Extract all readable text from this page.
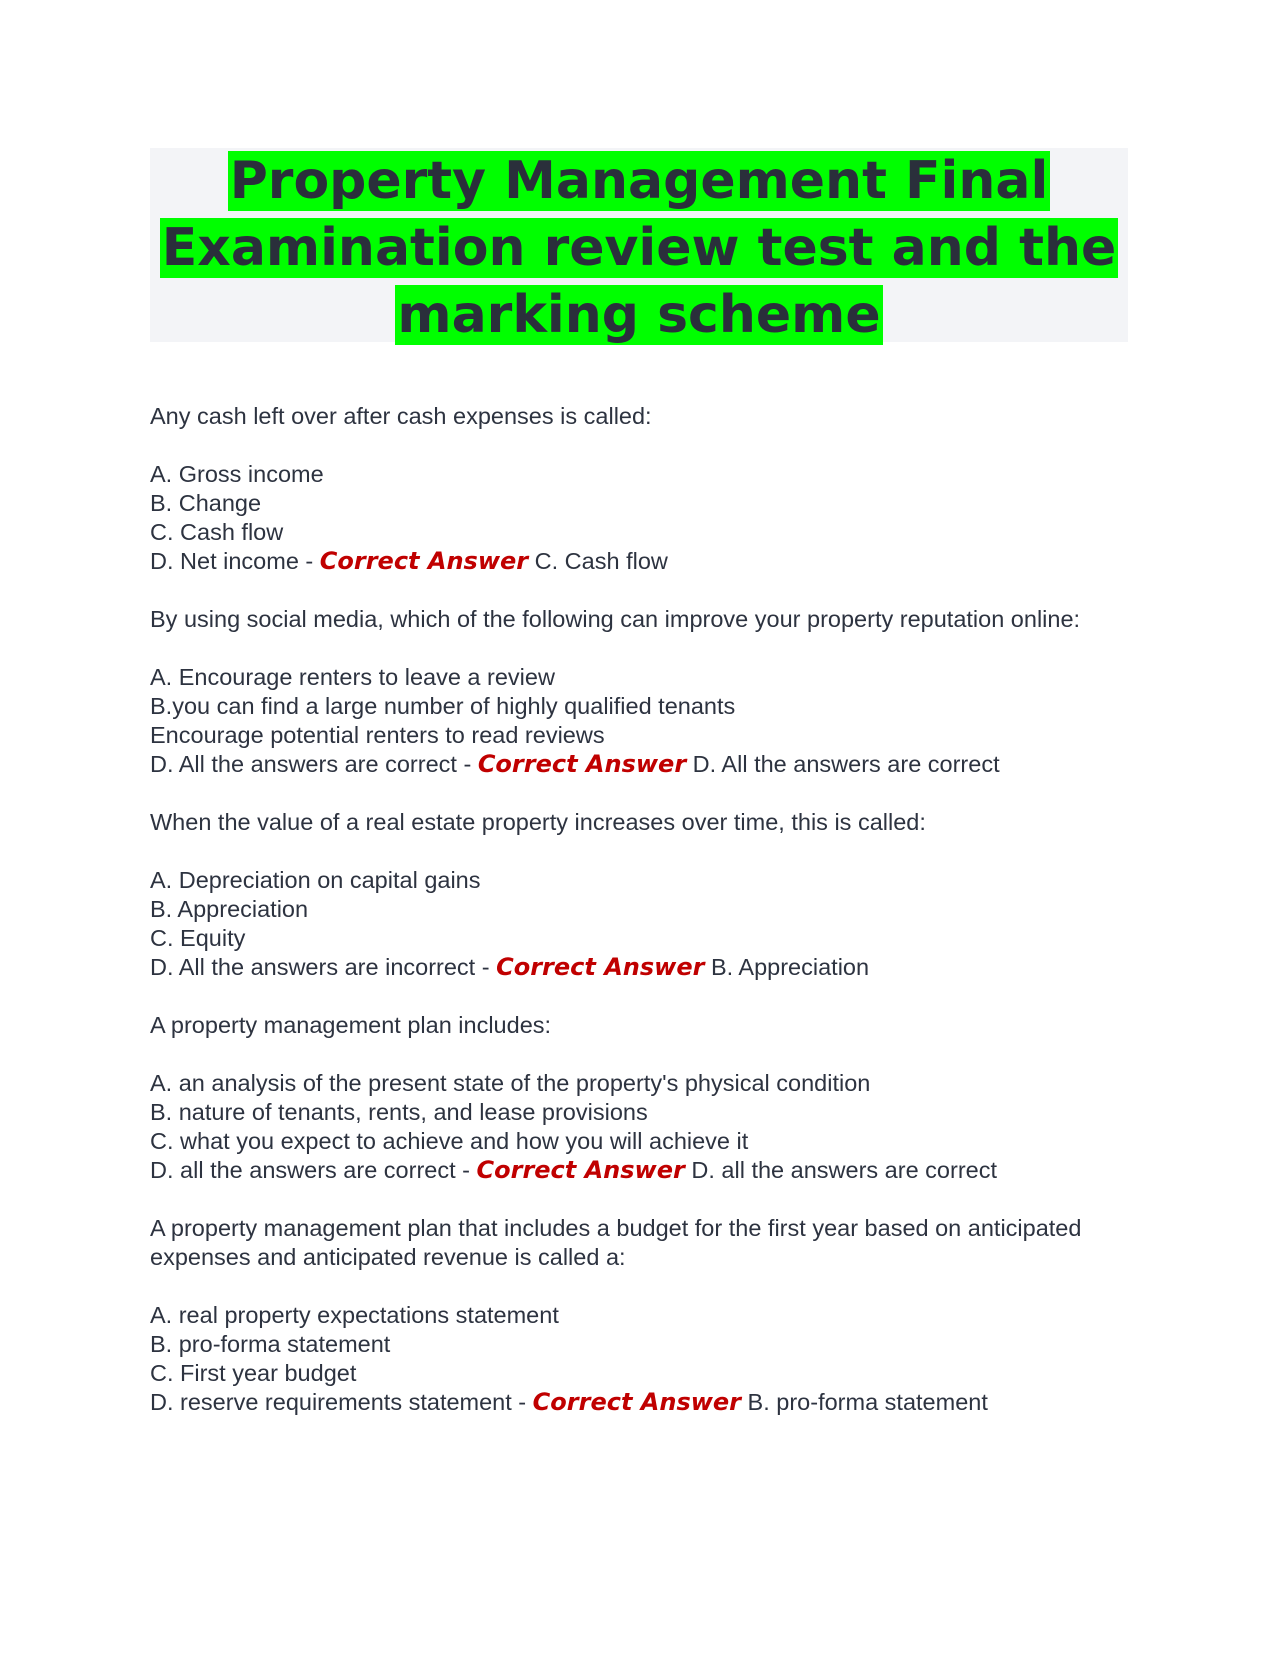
Property Management Final
Examination review test and the
marking scheme
Any cash left over after cash expenses is called:
A. Gross income
B. Change
C. Cash flow
D. Net income - Correct Answer C. Cash flow
By using social media, which of the following can improve your property reputation online:
A. Encourage renters to leave a review
B.you can find a large number of highly qualified tenants
Encourage potential renters to read reviews
D. All the answers are correct - Correct Answer D. All the answers are correct
When the value of a real estate property increases over time, this is called:
A. Depreciation on capital gains
B. Appreciation
C. Equity
D. All the answers are incorrect - Correct Answer B. Appreciation
A property management plan includes:
A. an analysis of the present state of the property's physical condition
B. nature of tenants, rents, and lease provisions
C. what you expect to achieve and how you will achieve it
D. all the answers are correct - Correct Answer D. all the answers are correct
A property management plan that includes a budget for the first year based on anticipated expenses and anticipated revenue is called a:
A. real property expectations statement
B. pro-forma statement
C. First year budget
D. reserve requirements statement - Correct Answer B. pro-forma statement
